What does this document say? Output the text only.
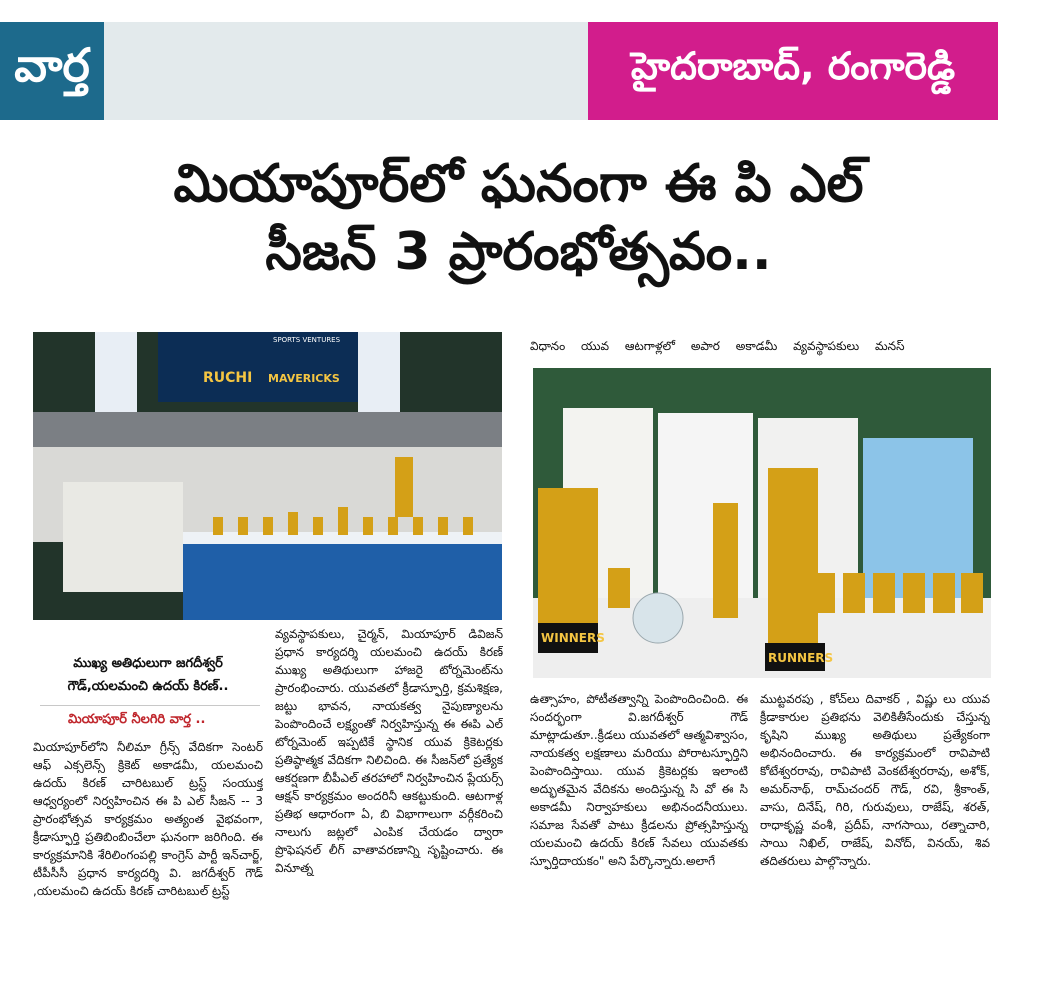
వార్త	హైదరాబాద్, రంగారెడ్డి
మియాపూర్‌లో ఘనంగా ఈ పి ఎల్
సీజన్ 3 ప్రారంభోత్సవం..
SPORTS VENTURES
RUCHI MAVERICKS
విధానం యువ ఆటగాళ్లలో అపార అకాడమీ వ్యవస్థాపకులు మనస్
WINNERS
RUNNERS
ముఖ్య అతిధులుగా జగదీశ్వర్
గౌడ్,యలమంచి ఉదయ్ కిరణ్..
మియాపూర్ నీలగిరి వార్త ..
మియాపూర్‌లోని నీలిమా గ్రీన్స్ వేదికగా సెంటర్ ఆఫ్ ఎక్సలెన్స్ క్రికెట్ అకాడమీ, యలమంచి ఉదయ్ కిరణ్ చారిటబుల్ ట్రస్ట్ సంయుక్త ఆధ్వర్యంలో నిర్వహించిన ఈ పి ఎల్ సీజన్ -- 3 ప్రారంభోత్సవ కార్యక్రమం అత్యంత వైభవంగా, క్రీడాస్ఫూర్తి ప్రతిబింబించేలా ఘనంగా జరిగింది. ఈ కార్యక్రమానికి శేరిలింగంపల్లి కాంగ్రెస్ పార్టీ ఇన్‌చార్జ్, టీపీసీసీ ప్రధాన కార్యదర్శి వి. జగదీశ్వర్ గౌడ్ ,యలమంచి ఉదయ్ కిరణ్ చారిటబుల్ ట్రస్ట్
వ్యవస్థాపకులు, చైర్మన్, మియాపూర్ డివిజన్ ప్రధాన కార్యదర్శి యలమంచి ఉదయ్ కిరణ్ ముఖ్య అతిథులుగా హాజరై టోర్నమెంట్‌ను ప్రారంభించారు. యువతలో క్రీడాస్ఫూర్తి, క్రమశిక్షణ, జట్టు భావన, నాయకత్వ నైపుణ్యాలను పెంపొందించే లక్ష్యంతో నిర్వహిస్తున్న ఈ ఈపి ఎల్ టోర్నమెంట్ ఇప్పటికే స్థానిక యువ క్రికెటర్లకు ప్రతిష్ఠాత్మక వేదికగా నిలిచింది. ఈ సీజన్‌లో ప్రత్యేక ఆకర్షణగా బీపీఎల్ తరహాలో నిర్వహించిన ప్లేయర్స్ ఆక్షన్ కార్యక్రమం అందరినీ ఆకట్టుకుంది. ఆటగాళ్ల ప్రతిభ ఆధారంగా ఏ, బి విభాగాలుగా వర్గీకరించి నాలుగు జట్లలో ఎంపిక చేయడం ద్వారా ప్రొఫెషనల్ లీగ్ వాతావరణాన్ని సృష్టించారు. ఈ వినూత్న
ఉత్సాహం, పోటీతత్వాన్ని పెంపొందించింది. ఈ సందర్భంగా వి.జగదీశ్వర్ గౌడ్ మాట్లాడుతూ..క్రీడలు యువతలో ఆత్మవిశ్వాసం, నాయకత్వ లక్షణాలు మరియు పోరాటస్ఫూర్తిని పెంపొందిస్తాయి. యువ క్రికెటర్లకు ఇలాంటి అద్భుతమైన వేదికను అందిస్తున్న సి వో ఈ సి అకాడమీ నిర్వాహకులు అభినందనీయులు. సమాజ సేవతో పాటు క్రీడలను ప్రోత్సహిస్తున్న యలమంచి ఉదయ్ కిరణ్ సేవలు యువతకు స్ఫూర్తిదాయకం" అని పేర్కొన్నారు.అలాగే
ముట్టవరపు , కోచ్‌లు దివాకర్ , విష్ణు లు యువ క్రీడాకారుల ప్రతిభను వెలికితీసేందుకు చేస్తున్న కృషిని ముఖ్య అతిథులు ప్రత్యేకంగా అభినందించారు. ఈ కార్యక్రమంలో రావిపాటి కోటేశ్వరరావు, రావిపాటి వెంకటేశ్వరరావు, అశోక్, అమర్‌నాథ్, రామ్‌చందర్ గౌడ్, రవి, శ్రీకాంత్, వాసు, దినేష్, గిరి, గురువులు, రాజేష్, శరత్, రాధాకృష్ణ వంశీ, ప్రదీప్, నాగసాయి, రత్నాచారి, సాయి నిఖిల్, రాజేష్, వినోద్, వినయ్, శివ తదితరులు పాల్గొన్నారు.
